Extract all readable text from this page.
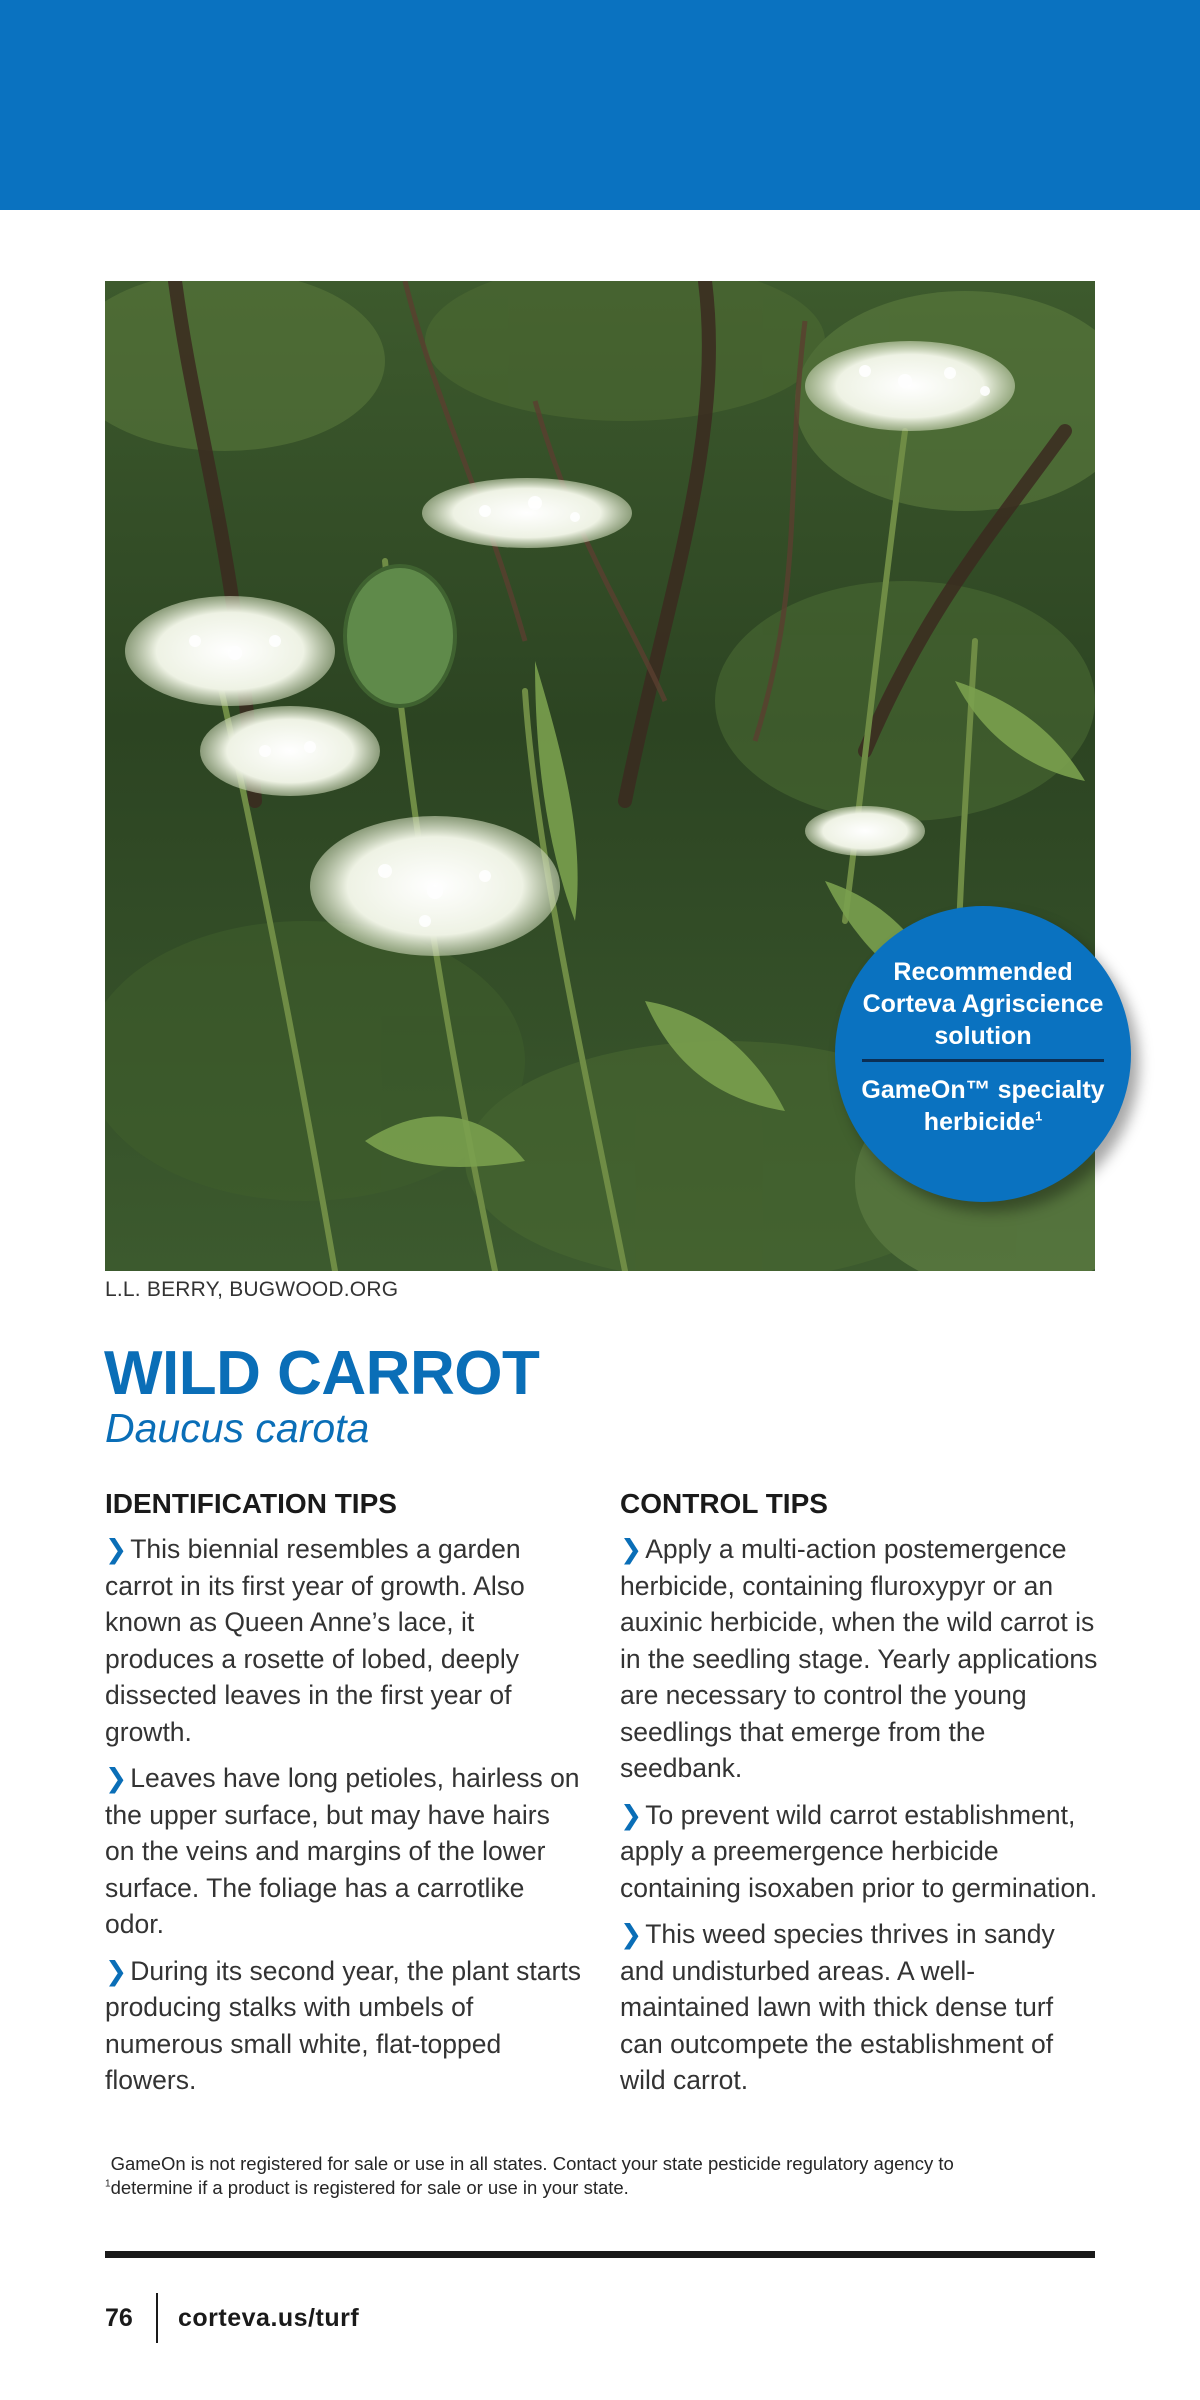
Recommended Corteva Agriscience solution
GameOn™ specialty herbicide$^1$
L.L. BERRY, BUGWOOD.ORG
WILD CARROT
Daucus carota
IDENTIFICATION TIPS

❯ This biennial resembles a garden carrot in its first year of growth. Also known as Queen Anne’s lace, it produces a rosette of lobed, deeply dissected leaves in the first year of growth.

❯ Leaves have long petioles, hairless on the upper surface, but may have hairs on the veins and margins of the lower surface. The foliage has a carrotlike odor.

❯ During its second year, the plant starts producing stalks with umbels of numerous small white, flat-topped flowers.

CONTROL TIPS

❯ Apply a multi-action postemergence herbicide, containing fluroxypyr or an auxinic herbicide, when the wild carrot is in the seedling stage. Yearly applications are necessary to control the young seedlings that emerge from the seedbank.

❯ To prevent wild carrot establishment, apply a preemergence herbicide containing isoxaben prior to germination.

❯ This weed species thrives in sandy and undisturbed areas. A well-maintained lawn with thick dense turf can outcompete the establishment of wild carrot.

$^1$GameOn is not registered for sale or use in all states. Contact your state pesticide regulatory agency to determine if a product is registered for sale or use in your state.
76 corteva.us/turf
